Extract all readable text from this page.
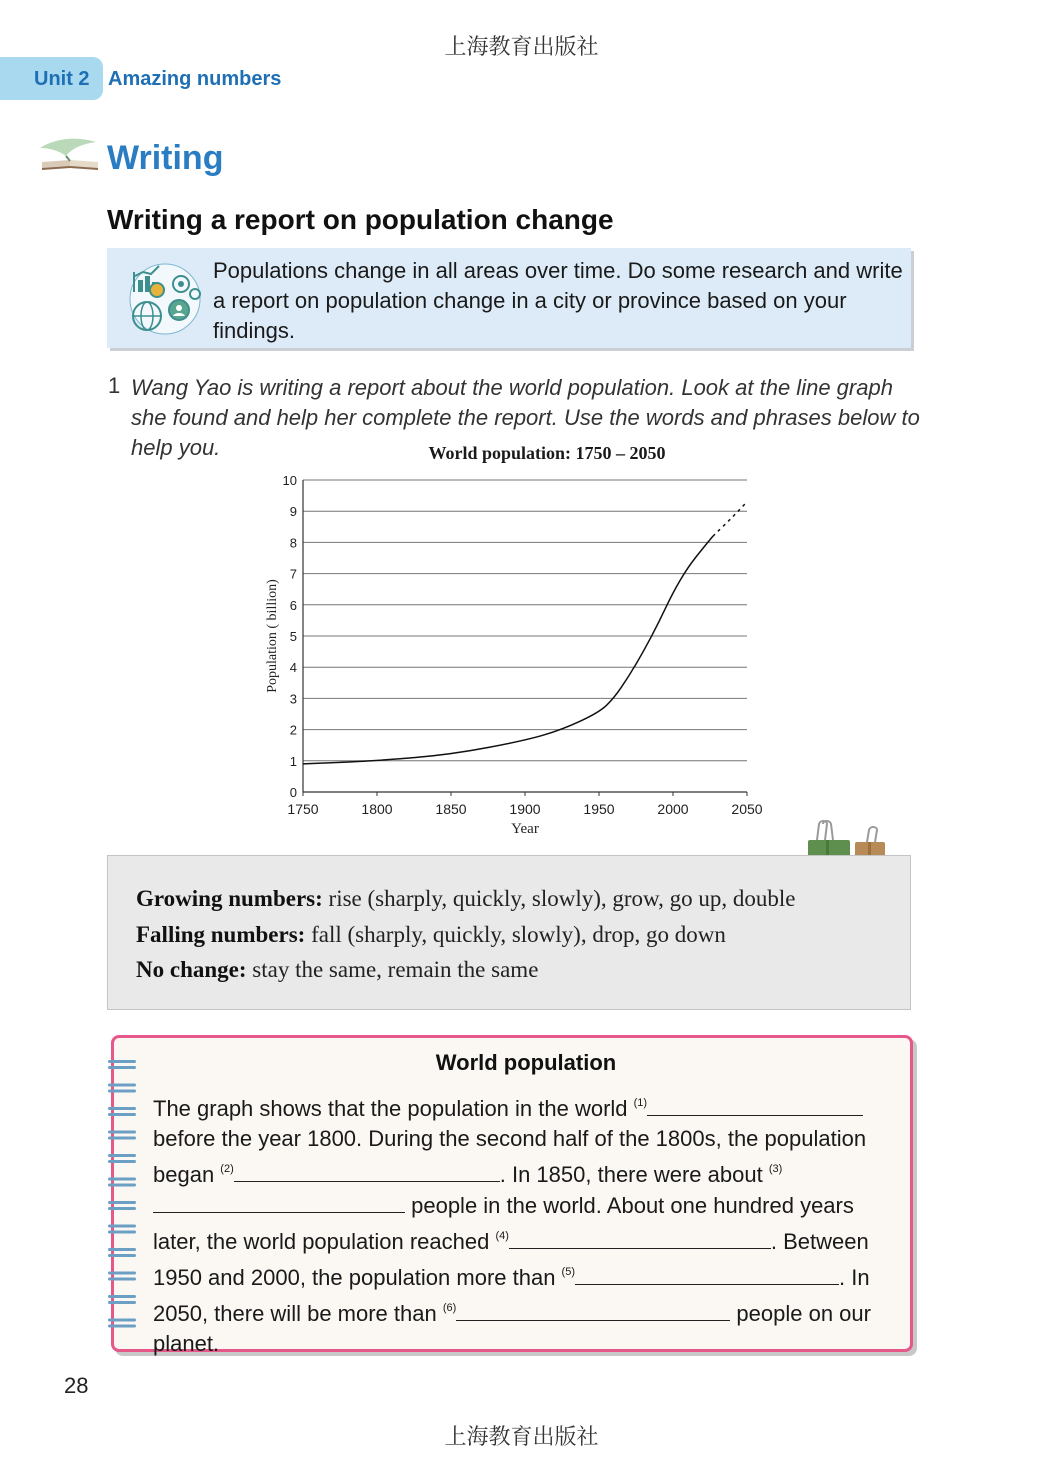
上海教育出版社
Unit 2 Amazing numbers
Writing
Writing a report on population change
Populations change in all areas over time. Do some research and write a report on population change in a city or province based on your findings.
1 Wang Yao is writing a report about the world population. Look at the line graph she found and help her complete the report. Use the words and phrases below to help you.	World population: 1750 – 2050
0
1
2
3
4
5
6
7
8
9
10
1750	1800	1850	1900	1950	2000	2050
Year
Population ( billion)
Growing numbers: rise (sharply, quickly, slowly), grow, go up, double
Falling numbers: fall (sharply, quickly, slowly), drop, go down
No change: stay the same, remain the same
World population
The graph shows that the population in the world $^{(1)}$before the year 1800. During the second half of the 1800s, the population began $^{(2)}$	. In 1850, there were about $^{(3)}$ people in the world. About one hundred years later, the world population reached $^{(4)}$	. Between 1950 and 2000, the population more than $^{(5)}$	. In 2050, there will be more than $^{(6)}$	people on our planet.
28
上海教育出版社
